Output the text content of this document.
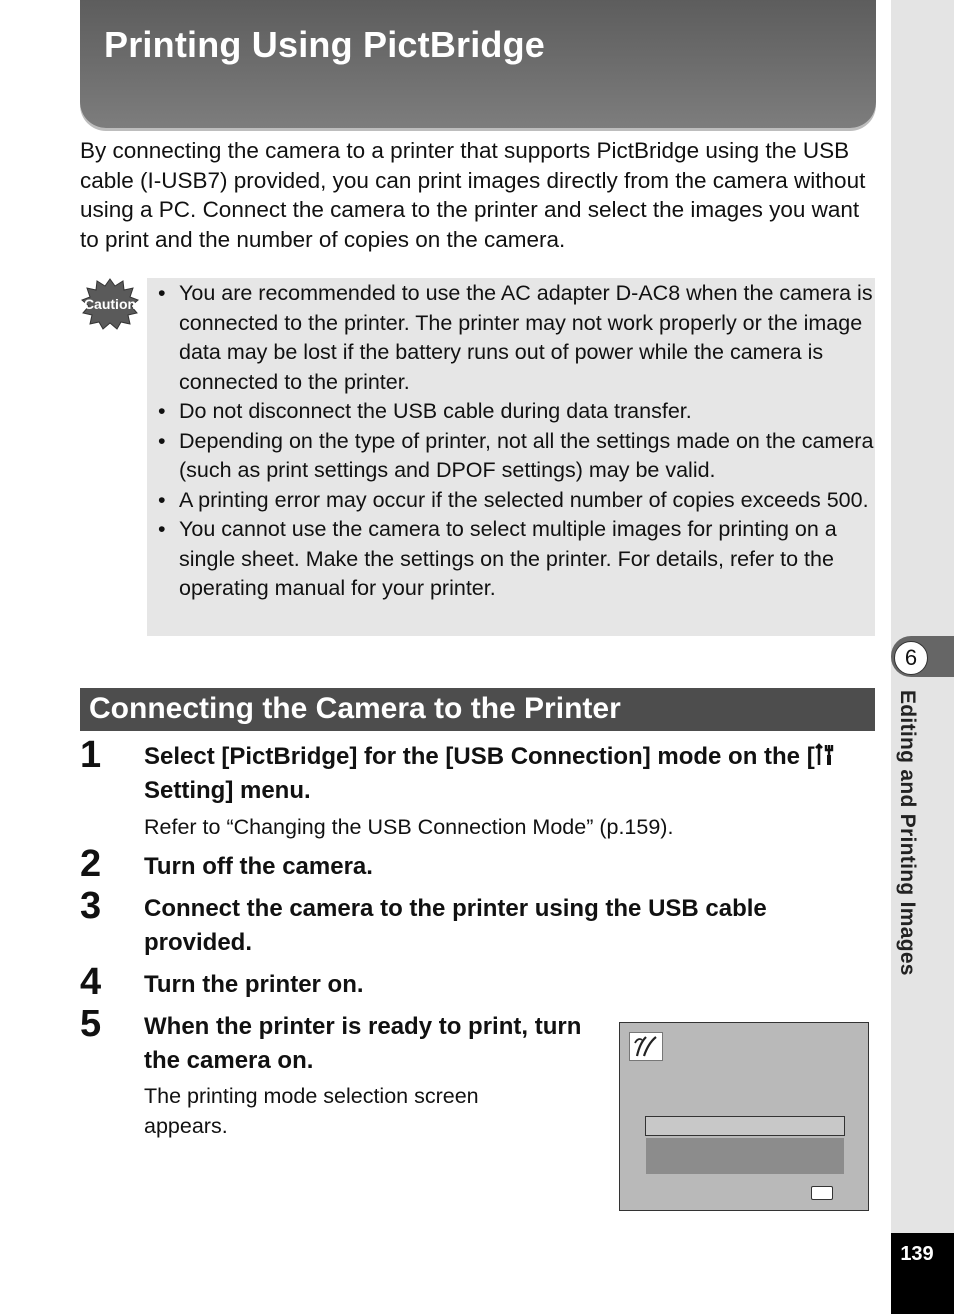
Printing Using PictBridge

By connecting the camera to a printer that supports PictBridge using the USB cable (I-USB7) provided, you can print images directly from the camera without using a PC. Connect the camera to the printer and select the images you want to print and the number of copies on the camera.

Caution • You are recommended to use the AC adapter D-AC8 when the camera is connected to the printer. The printer may not work properly or the image data may be lost if the battery runs out of power while the camera is connected to the printer.
• Do not disconnect the USB cable during data transfer.
• Depending on the type of printer, not all the settings made on the camera (such as print settings and DPOF settings) may be valid.
• A printing error may occur if the selected number of copies exceeds 500.
• You cannot use the camera to select multiple images for printing on a single sheet. Make the settings on the printer. For details, refer to the operating manual for your printer.
Connecting the Camera to the Printer
1 Select [PictBridge] for the [USB Connection] mode on the [ Setting] menu.
Refer to “Changing the USB Connection Mode” (p.159).
2 Turn off the camera.
3 Connect the camera to the printer using the USB cable provided.
4 Turn the printer on.
5 When the printer is ready to print, turn the camera on.
The printing mode selection screen appears.
6
Editing and Printing Images
139
